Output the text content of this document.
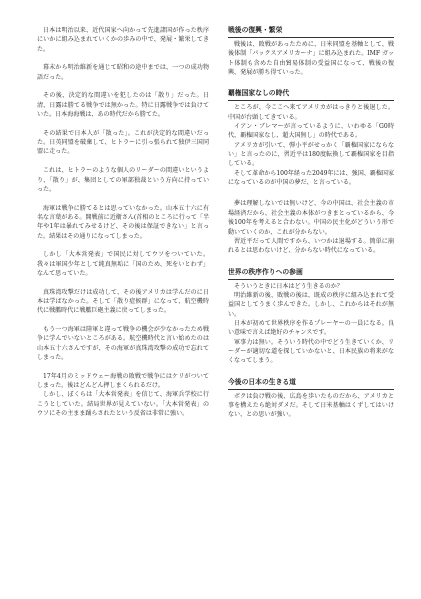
日本は明治以来、近代国家へ向かって先進諸国が作った秩序にいかに組み込まれていくかの歩みの中で、発展・繁栄してきた。

幕末から明治維新を通じて昭和の途中までは、一つの成功物語だった。

その後、決定的な間違いを犯したのは「散り」だった。日清、日露は勝てる戦争では無かった。特に日露戦争では負けていた。日本海海戦は、あの時代だから勝てた。

その結果で日本人が「散った」。これが決定的な間違いだった。日英同盟を破棄して、ヒトラーに引っ張られて独伊三国同盟に走った。

これは、ヒトラーのような個人のリーダーの間違いというより、「散り」が、集団としての軍部独裁という方向に持っていった。

海軍は戦争に勝てるとは思っていなかった。山本五十六に有名な言葉がある。開戦前に近衛さん(首相のところに行って「半年や1年は暴れてみせるけど、その後は保証できない」と言った。結果はその通りになってしまった。

しかし「大本営発表」で国民に対してウソをついていた。我々は軍国少年として純真無垢に「国のため、死をいとわず」なんて思っていた。

真珠湾攻撃だけは成功して、その後アメリカは学んだのに日本は学ばなかった。そして「散り症候群」になって、航空機時代に戦艦時代に戦艦巨砲主義に戻ってしまった。

もう一つ海軍は陸軍と違って戦争の機会が少なかったため戦争に学んでいないところがある。航空機時代と言い始めたのは山本五十六さんですが、その海軍が真珠湾攻撃の成功で忘れてしまった。

17年4月のミッドウェー海戦の敗戦で戦争にはケリがついてしまった。後はどんどん押しまくられるだけ。

しかし、ぼくらは「大本営発表」を信じて、海軍兵学校に行こうとしていた。結局世界が見えていない。「大本営発表」のウソにその主まま踊らされたという反省は非常に強い。

戦後の復興・繁栄

戦後は、敗戦があったために、日米同盟を基軸として、戦後体制「パックスアメリカーナ」に組み込まれた。IMF ガット体制も含めた自由貿易体制の受益国になって、戦後の復興、発展が勝ち得ていった。

覇権国家なしの時代

ところが、今ここへ来てアメリカがはっきりと後退した。中国が台頭してきている。

イアン・ブレマーが言っているように、いわゆる「G0時代、覇権国家なし、超大国無し」の時代である。

アメリカが引いて、弾小平がせっかく「覇権国家にならない」と言ったのに、習近平は180度転換して覇権国家を目指している。

そして革命から100年経った2049年には、強国、覇権国家になっているのが中国の夢だ、と言っている。

夢は理解しないでは無いけど、今の中国は、社会主義の市場経済だから、社会主義の本体がつきまとっているから、今後100年を考えると合わない。中国の民主化がどういう形で動いていくのか、これが分からない。

習近平だって人間ですから、いつかは退場する。簡単に崩れるとは思わないけど、分からない時代になっている。

世界の秩序作りへの参画

そういうときに日本はどう生きるのか？

明治維新の後、敗戦の後は、既成の秩序に組み込まれて受益国としてうまく歩んできた。しかし、これからはそれが無い。

日本が初めて世界秩序を作るプレーヤーの一員になる。良い意味で言えば絶好のチャンスです。

軍事力は無い。そういう時代の中でどう生きていくか、リーダーが適切な道を探していかないと、日本民族の将来がなくなってしまう。

今後の日本の生きる道

ボクは負け戦の後、広島を歩いたものだから、アメリカと事を構えたら絶対ダメだ。そして日米基軸はくずしてはいけない、との思いが強い。
